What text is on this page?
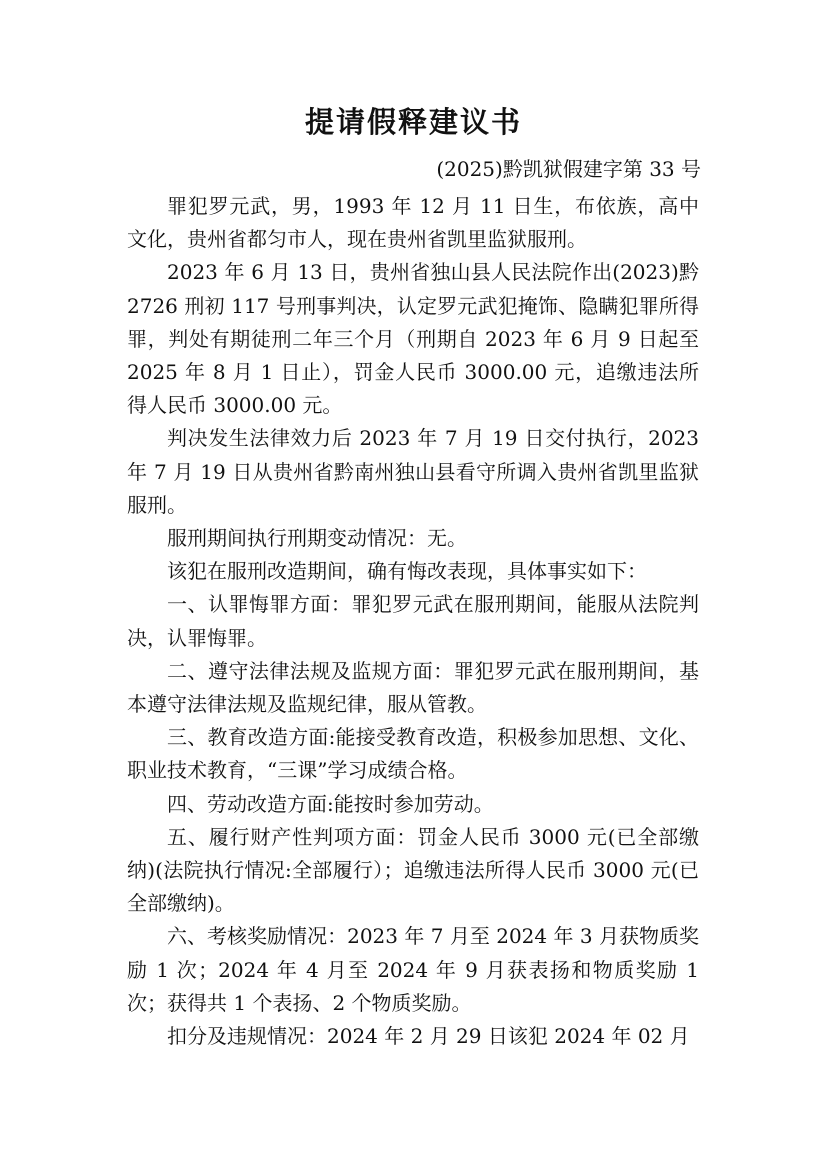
提请假释建议书
(2025)黔凯狱假建字第 33 号

罪犯罗元武，男，1993 年 12 月 11 日生，布依族，高中文化，贵州省都匀市人，现在贵州省凯里监狱服刑。

2023 年 6 月 13 日，贵州省独山县人民法院作出(2023)黔 2726 刑初 117 号刑事判决，认定罗元武犯掩饰、隐瞒犯罪所得罪，判处有期徒刑二年三个月（刑期自 2023 年 6 月 9 日起至 2025 年 8 月 1 日止），罚金人民币 3000.00 元，追缴违法所得人民币 3000.00 元。

判决发生法律效力后 2023 年 7 月 19 日交付执行，2023 年 7 月 19 日从贵州省黔南州独山县看守所调入贵州省凯里监狱服刑。

服刑期间执行刑期变动情况：无。

该犯在服刑改造期间，确有悔改表现，具体事实如下：

一、认罪悔罪方面：罪犯罗元武在服刑期间，能服从法院判决，认罪悔罪。

二、遵守法律法规及监规方面：罪犯罗元武在服刑期间，基本遵守法律法规及监规纪律，服从管教。

三、教育改造方面:能接受教育改造，积极参加思想、文化、职业技术教育，“三课”学习成绩合格。

四、劳动改造方面:能按时参加劳动。

五、履行财产性判项方面：罚金人民币 3000 元(已全部缴纳)(法院执行情况:全部履行）；追缴违法所得人民币 3000 元(已全部缴纳)。

六、考核奖励情况：2023 年 7 月至 2024 年 3 月获物质奖励 1 次；2024 年 4 月至 2024 年 9 月获表扬和物质奖励 1 次；获得共 1 个表扬、2 个物质奖励。

扣分及违规情况：2024 年 2 月 29 日该犯 2024 年 02 月
